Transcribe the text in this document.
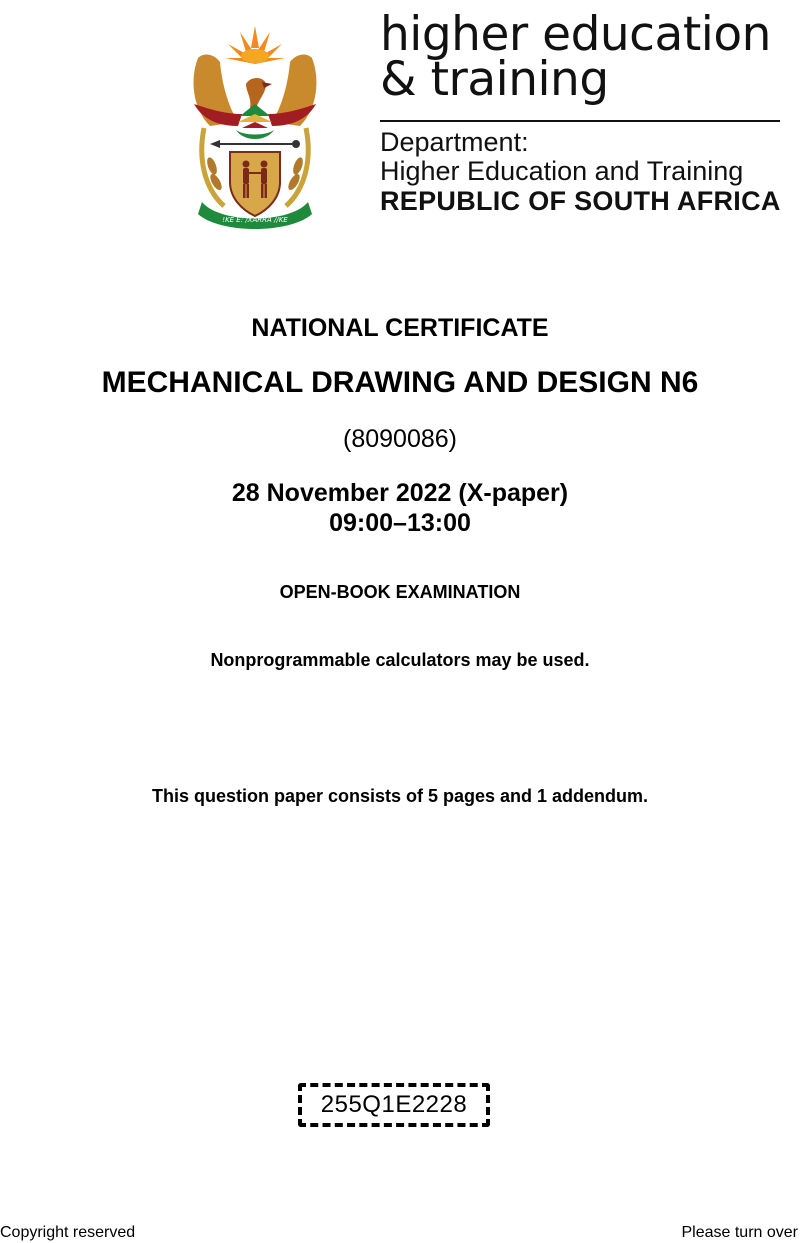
!KE E: /XARRA //KE
higher education
& training
Department:
Higher Education and Training
REPUBLIC OF SOUTH AFRICA
NATIONAL CERTIFICATE
MECHANICAL DRAWING AND DESIGN N6
(8090086)
28 November 2022 (X-paper)
09:00–13:00
OPEN-BOOK EXAMINATION
Nonprogrammable calculators may be used.
This question paper consists of 5 pages and 1 addendum.
255Q1E2228
Copyright reserved	Please turn over
